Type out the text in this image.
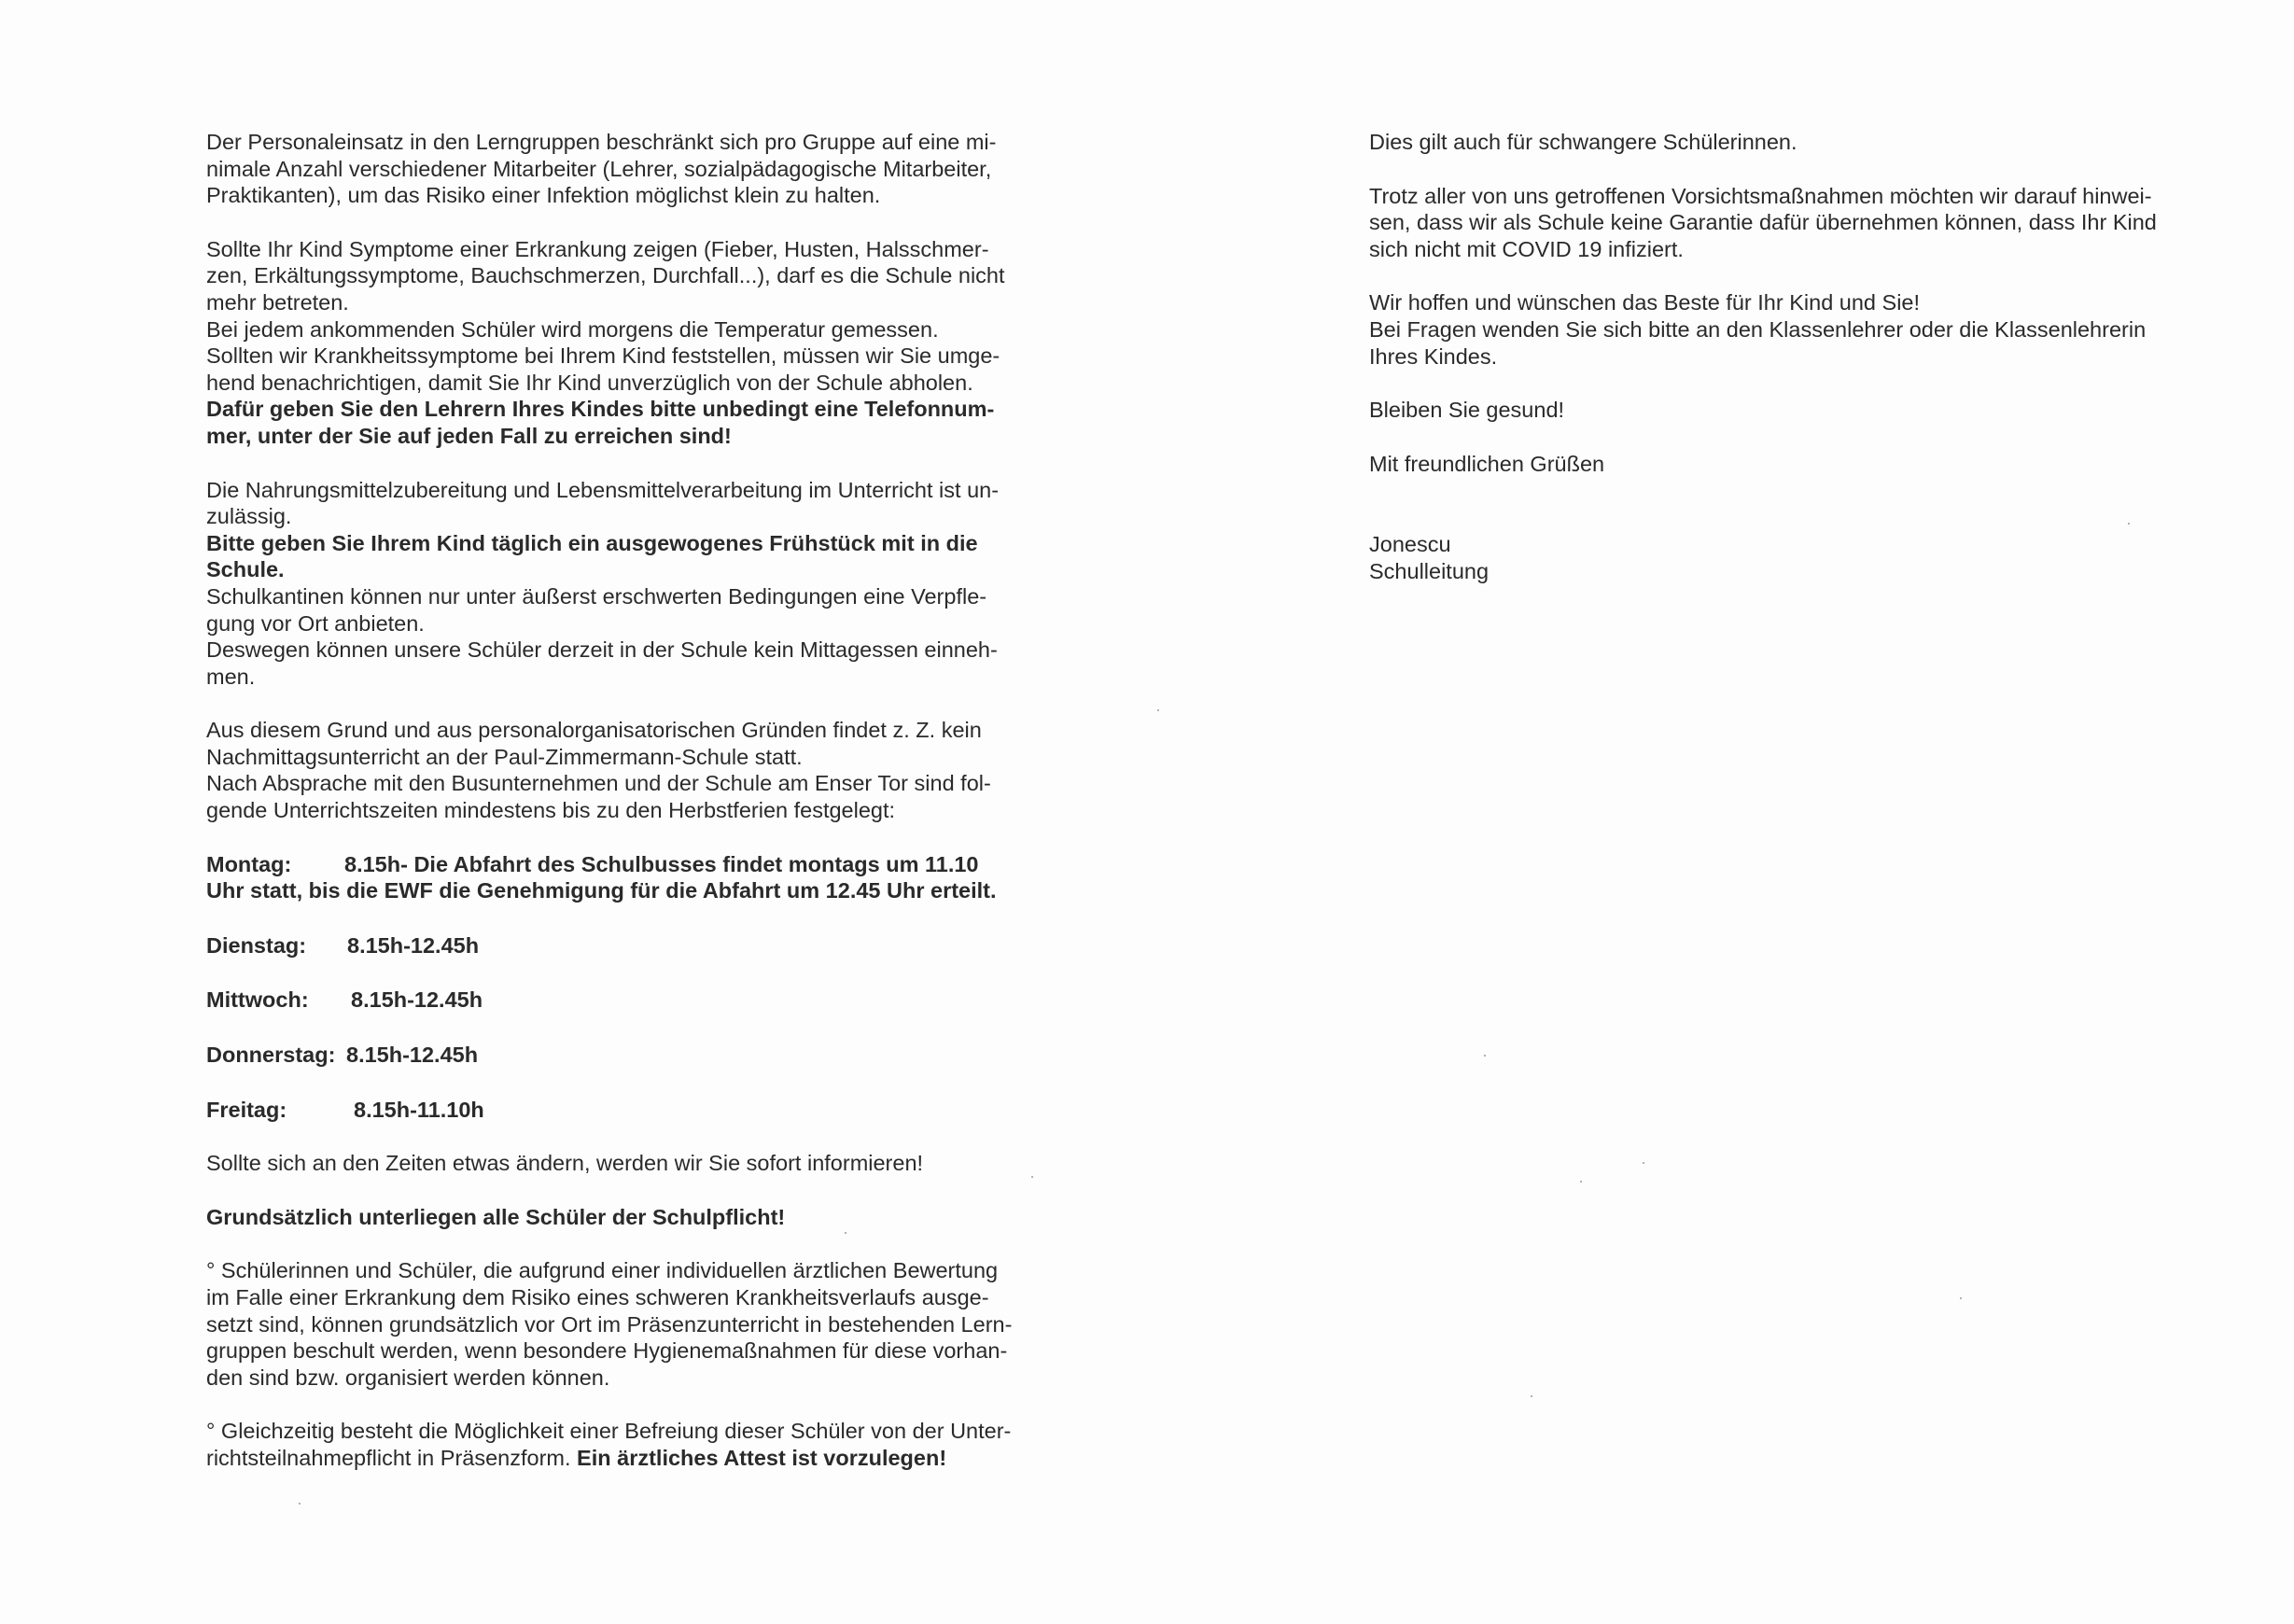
Der Personaleinsatz in den Lerngruppen beschränkt sich pro Gruppe auf eine mi-
nimale Anzahl verschiedener Mitarbeiter (Lehrer, sozialpädagogische Mitarbeiter,
Praktikanten), um das Risiko einer Infektion möglichst klein zu halten.

Sollte Ihr Kind Symptome einer Erkrankung zeigen (Fieber, Husten, Halsschmer-
zen, Erkältungssymptome, Bauchschmerzen, Durchfall...), darf es die Schule nicht
mehr betreten.

Bei jedem ankommenden Schüler wird morgens die Temperatur gemessen.

Sollten wir Krankheitssymptome bei Ihrem Kind feststellen, müssen wir Sie umge-
hend benachrichtigen, damit Sie Ihr Kind unverzüglich von der Schule abholen.

Dafür geben Sie den Lehrern Ihres Kindes bitte unbedingt eine Telefonnum-
mer, unter der Sie auf jeden Fall zu erreichen sind!

Die Nahrungsmittelzubereitung und Lebensmittelverarbeitung im Unterricht ist un-
zulässig.

Bitte geben Sie Ihrem Kind täglich ein ausgewogenes Frühstück mit in die
Schule.

Schulkantinen können nur unter äußerst erschwerten Bedingungen eine Verpfle-
gung vor Ort anbieten.

Deswegen können unsere Schüler derzeit in der Schule kein Mittagessen einneh-
men.

Aus diesem Grund und aus personalorganisatorischen Gründen findet z. Z. kein
Nachmittagsunterricht an der Paul-Zimmermann-Schule statt.

Nach Absprache mit den Busunternehmen und der Schule am Enser Tor sind fol-
gende Unterrichtszeiten mindestens bis zu den Herbstferien festgelegt:

Montag:	8.15h- Die Abfahrt des Schulbusses findet montags um 11.10
Uhr statt, bis die EWF die Genehmigung für die Abfahrt um 12.45 Uhr erteilt.
Dienstag:	8.15h-12.45h
Mittwoch:	8.15h-12.45h
Donnerstag: 8.15h-12.45h
Freitag:	8.15h-11.10h

Sollte sich an den Zeiten etwas ändern, werden wir Sie sofort informieren!

Grundsätzlich unterliegen alle Schüler der Schulpflicht!

° Schülerinnen und Schüler, die aufgrund einer individuellen ärztlichen Bewertung
im Falle einer Erkrankung dem Risiko eines schweren Krankheitsverlaufs ausge-
setzt sind, können grundsätzlich vor Ort im Präsenzunterricht in bestehenden Lern-
gruppen beschult werden, wenn besondere Hygienemaßnahmen für diese vorhan-
den sind bzw. organisiert werden können.

° Gleichzeitig besteht die Möglichkeit einer Befreiung dieser Schüler von der Unter-
richtsteilnahmepflicht in Präsenzform. Ein ärztliches Attest ist vorzulegen!

Dies gilt auch für schwangere Schülerinnen.

Trotz aller von uns getroffenen Vorsichtsmaßnahmen möchten wir darauf hinwei-
sen, dass wir als Schule keine Garantie dafür übernehmen können, dass Ihr Kind
sich nicht mit COVID 19 infiziert.

Wir hoffen und wünschen das Beste für Ihr Kind und Sie!

Bei Fragen wenden Sie sich bitte an den Klassenlehrer oder die Klassenlehrerin
Ihres Kindes.

Bleiben Sie gesund!

Mit freundlichen Grüßen

Jonescu

Schulleitung
